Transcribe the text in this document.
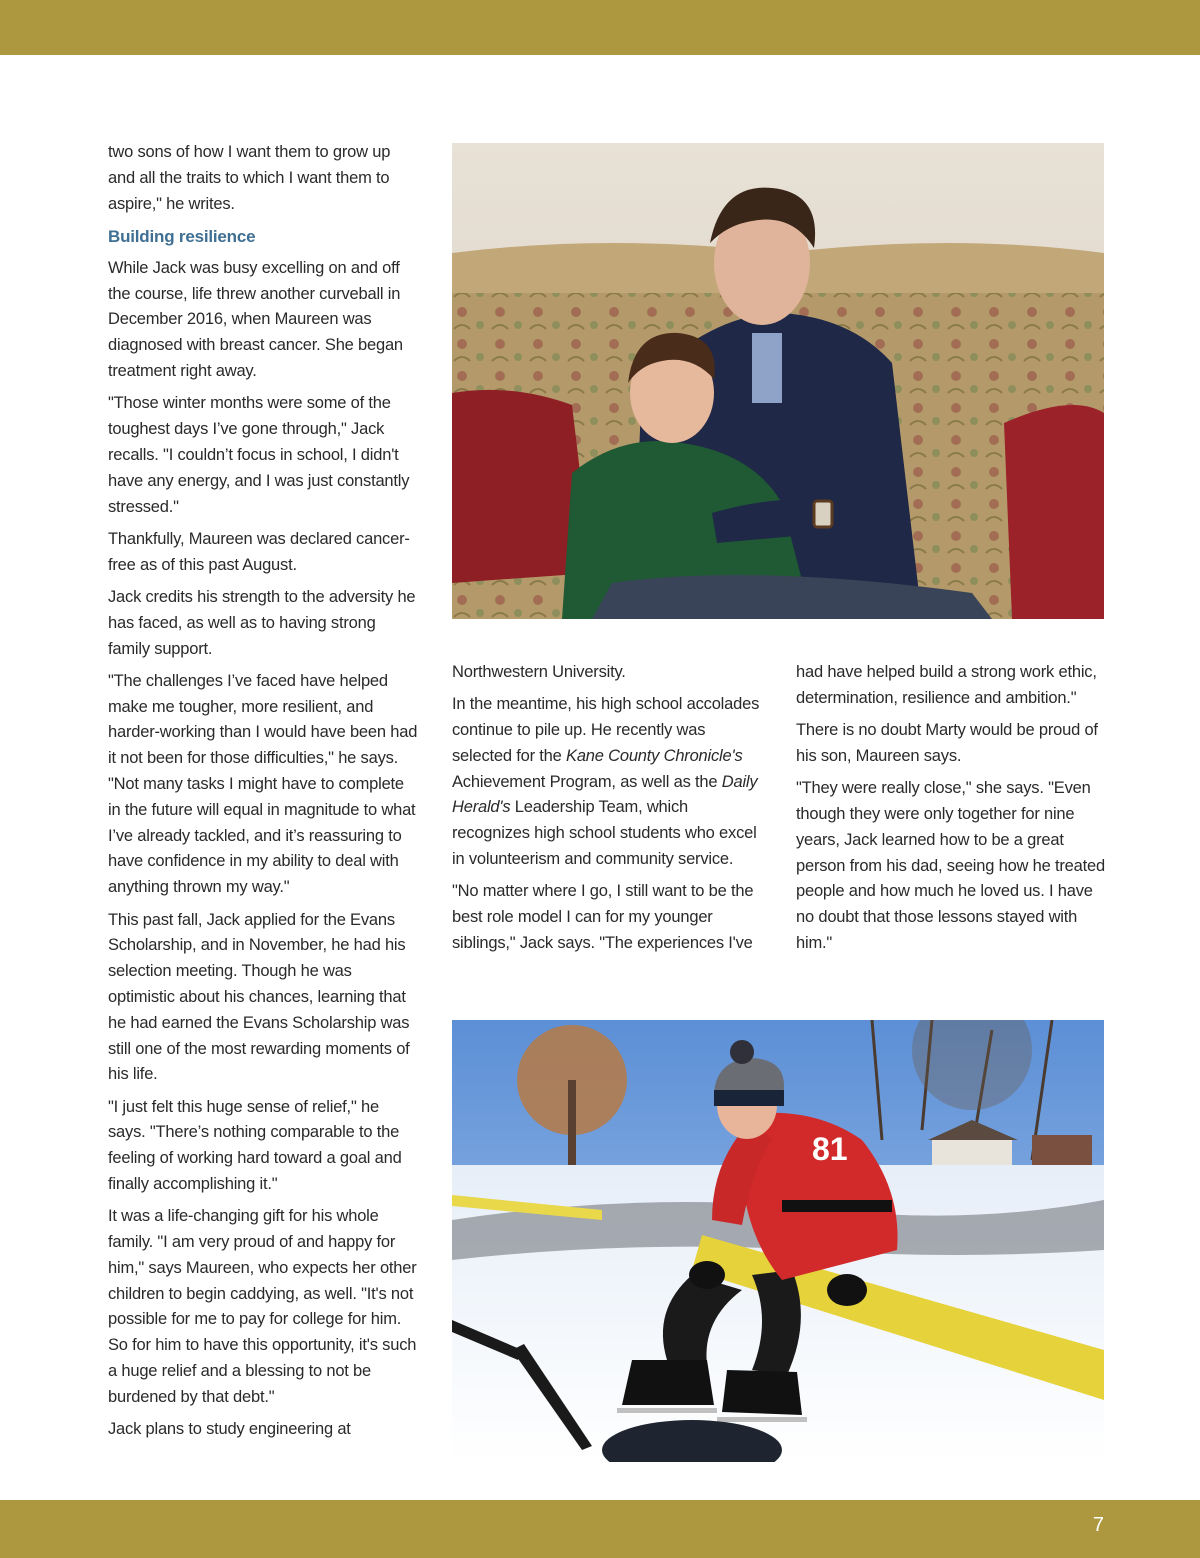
two sons of how I want them to grow up and all the traits to which I want them to aspire," he writes.

Building resilience

While Jack was busy excelling on and off the course, life threw another curveball in December 2016, when Maureen was diagnosed with breast cancer. She began treatment right away.

"Those winter months were some of the toughest days I’ve gone through," Jack recalls. "I couldn’t focus in school, I didn't have any energy, and I was just constantly stressed."

Thankfully, Maureen was declared cancer-free as of this past August.

Jack credits his strength to the adversity he has faced, as well as to having strong family support.

"The challenges I’ve faced have helped make me tougher, more resilient, and harder-working than I would have been had it not been for those difficulties," he says. "Not many tasks I might have to complete in the future will equal in magnitude to what I’ve already tackled, and it’s reassuring to have confidence in my ability to deal with anything thrown my way."

This past fall, Jack applied for the Evans Scholarship, and in November, he had his selection meeting. Though he was optimistic about his chances, learning that he had earned the Evans Scholarship was still one of the most rewarding moments of his life.

"I just felt this huge sense of relief," he says. "There’s nothing comparable to the feeling of working hard toward a goal and finally accomplishing it."

It was a life-changing gift for his whole family. "I am very proud of and happy for him," says Maureen, who expects her other children to begin caddying, as well. "It's not possible for me to pay for college for him. So for him to have this opportunity, it's such a huge relief and a blessing to not be burdened by that debt."

Jack plans to study engineering at

Northwestern University.

In the meantime, his high school accolades continue to pile up. He recently was selected for the Kane County Chronicle's Achievement Program, as well as the Daily Herald's Leadership Team, which recognizes high school students who excel in volunteerism and community service.

"No matter where I go, I still want to be the best role model I can for my younger siblings," Jack says. "The experiences I've

had have helped build a strong work ethic, determination, resilience and ambition."

There is no doubt Marty would be proud of his son, Maureen says.

"They were really close," she says. "Even though they were only together for nine years, Jack learned how to be a great person from his dad, seeing how he treated people and how much he loved us. I have no doubt that those lessons stayed with him."

81
7
